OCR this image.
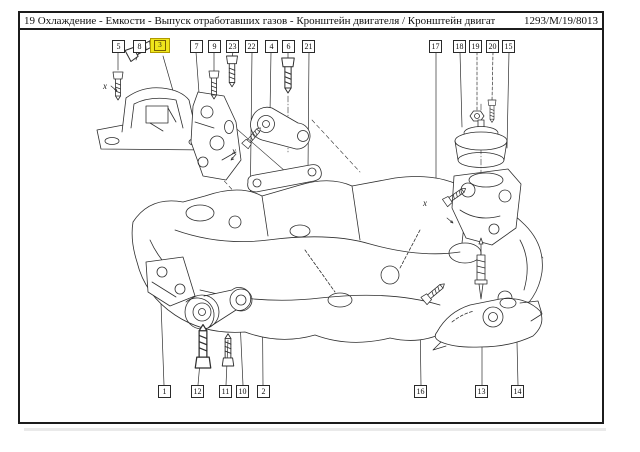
19 Охлаждение - Емкости - Выпуск отработавших газов - Кронштейн двигателя / Кронштейн двигат	1293/M/19/8013
5	8	3	7	9	23	22	4	6	21	17	18	19	20	15
1	12	11	10	2	16	13	14
x
x
x
